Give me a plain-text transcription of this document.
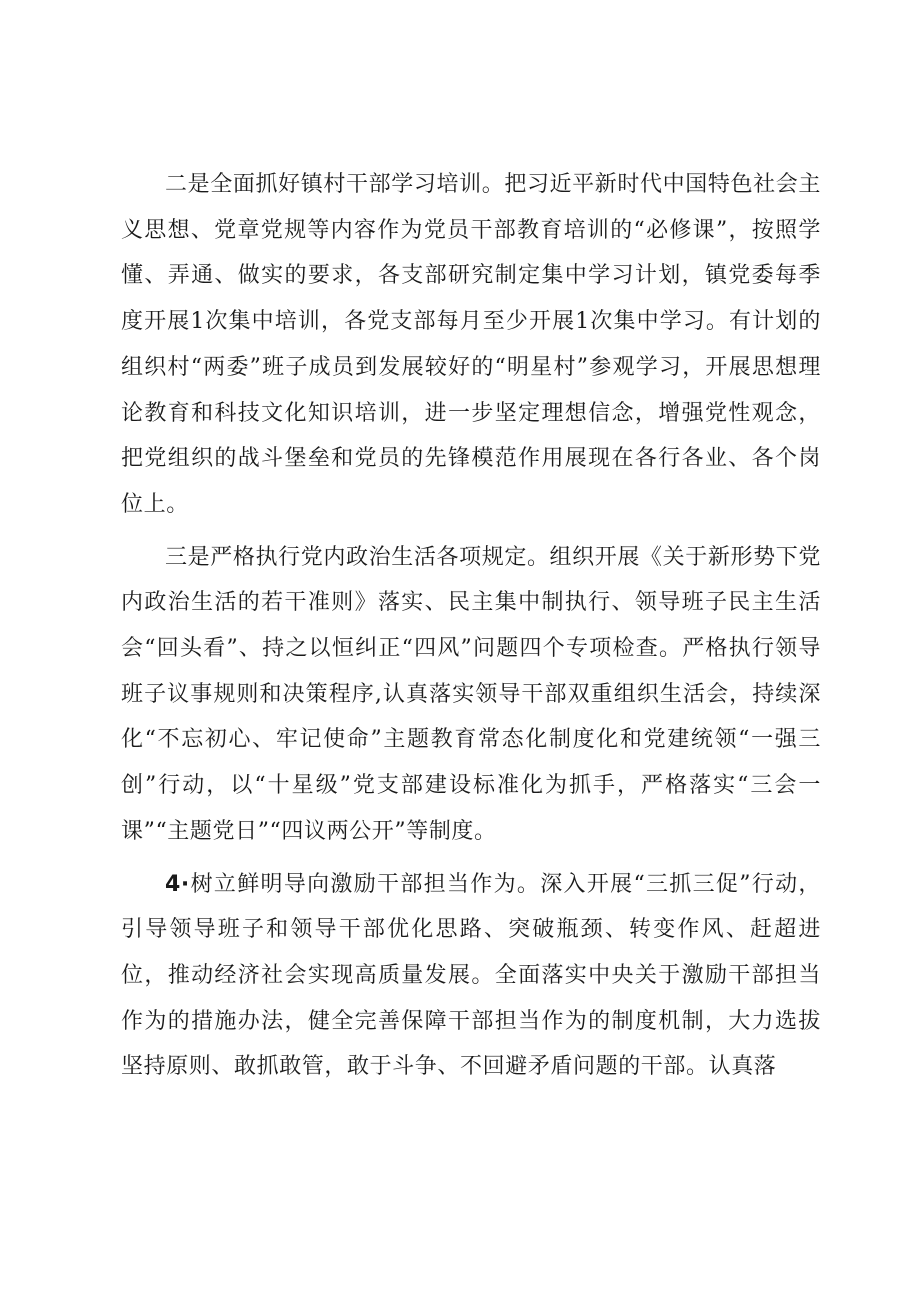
二是全面抓好镇村干部学习培训。把习近平新时代中国特色社会主义思想、党章党规等内容作为党员干部教育培训的“必修课”，按照学懂、弄通、做实的要求，各支部研究制定集中学习计划，镇党委每季度开展1次集中培训，各党支部每月至少开展1次集中学习。有计划的组织村“两委”班子成员到发展较好的“明星村”参观学习，开展思想理论教育和科技文化知识培训，进一步坚定理想信念，增强党性观念，把党组织的战斗堡垒和党员的先锋模范作用展现在各行各业、各个岗位上。

三是严格执行党内政治生活各项规定。组织开展《关于新形势下党内政治生活的若干准则》落实、民主集中制执行、领导班子民主生活会“回头看”、持之以恒纠正“四风”问题四个专项检查。严格执行领导班子议事规则和决策程序,认真落实领导干部双重组织生活会，持续深化“不忘初心、牢记使命”主题教育常态化制度化和党建统领“一强三创”行动，以“十星级”党支部建设标准化为抓手，严格落实“三会一课”“主题党日”“四议两公开”等制度。

4·树立鲜明导向激励干部担当作为。深入开展“三抓三促”行动，引导领导班子和领导干部优化思路、突破瓶颈、转变作风、赶超进位，推动经济社会实现高质量发展。全面落实中央关于激励干部担当作为的措施办法，健全完善保障干部担当作为的制度机制，大力选拔坚持原则、敢抓敢管，敢于斗争、不回避矛盾问题的干部。认真落
